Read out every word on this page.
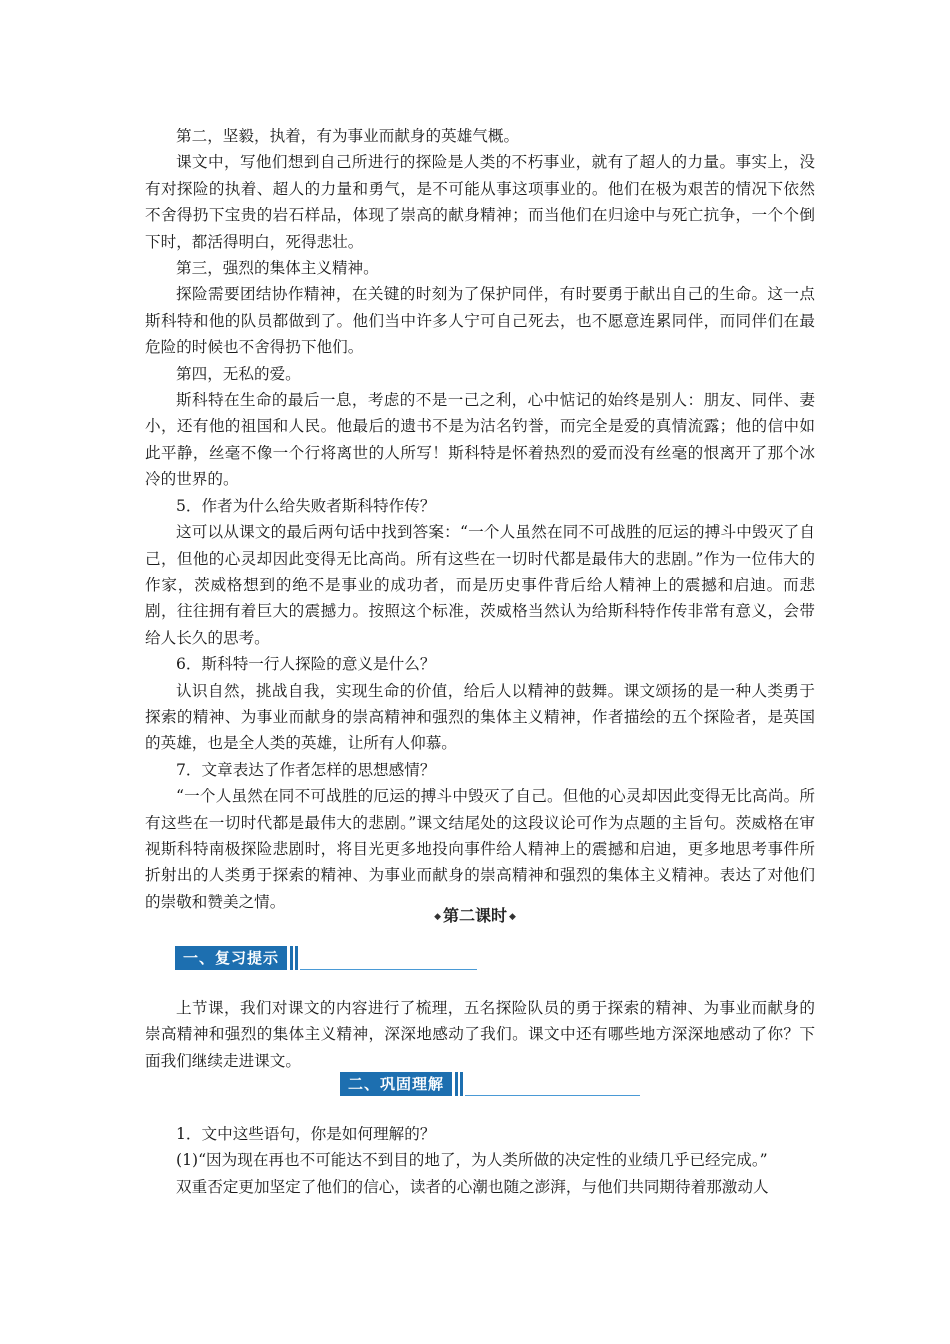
第二，坚毅，执着，有为事业而献身的英雄气概。

课文中，写他们想到自己所进行的探险是人类的不朽事业，就有了超人的力量。事实上，没有对探险的执着、超人的力量和勇气，是不可能从事这项事业的。他们在极为艰苦的情况下依然不舍得扔下宝贵的岩石样品，体现了崇高的献身精神；而当他们在归途中与死亡抗争，一个个倒下时，都活得明白，死得悲壮。

第三，强烈的集体主义精神。

探险需要团结协作精神，在关键的时刻为了保护同伴，有时要勇于献出自己的生命。这一点斯科特和他的队员都做到了。他们当中许多人宁可自己死去，也不愿意连累同伴，而同伴们在最危险的时候也不舍得扔下他们。

第四，无私的爱。

斯科特在生命的最后一息，考虑的不是一己之利，心中惦记的始终是别人：朋友、同伴、妻小，还有他的祖国和人民。他最后的遗书不是为沽名钓誉，而完全是爱的真情流露；他的信中如此平静，丝毫不像一个行将离世的人所写！斯科特是怀着热烈的爱而没有丝毫的恨离开了那个冰冷的世界的。

5．作者为什么给失败者斯科特作传？

这可以从课文的最后两句话中找到答案：“一个人虽然在同不可战胜的厄运的搏斗中毁灭了自己，但他的心灵却因此变得无比高尚。所有这些在一切时代都是最伟大的悲剧。”作为一位伟大的作家，茨威格想到的绝不是事业的成功者，而是历史事件背后给人精神上的震撼和启迪。而悲剧，往往拥有着巨大的震撼力。按照这个标准，茨威格当然认为给斯科特作传非常有意义，会带给人长久的思考。

6．斯科特一行人探险的意义是什么？

认识自然，挑战自我，实现生命的价值，给后人以精神的鼓舞。课文颂扬的是一种人类勇于探索的精神、为事业而献身的崇高精神和强烈的集体主义精神，作者描绘的五个探险者，是英国的英雄，也是全人类的英雄，让所有人仰慕。

7．文章表达了作者怎样的思想感情？

“一个人虽然在同不可战胜的厄运的搏斗中毁灭了自己。但他的心灵却因此变得无比高尚。所有这些在一切时代都是最伟大的悲剧。”课文结尾处的这段议论可作为点题的主旨句。茨威格在审视斯科特南极探险悲剧时，将目光更多地投向事件给人精神上的震撼和启迪，更多地思考事件所折射出的人类勇于探索的精神、为事业而献身的崇高精神和强烈的集体主义精神。表达了对他们的崇敬和赞美之情。

◆ 第二课时 ◆
一、复习提示

上节课，我们对课文的内容进行了梳理，五名探险队员的勇于探索的精神、为事业而献身的崇高精神和强烈的集体主义精神，深深地感动了我们。课文中还有哪些地方深深地感动了你？下面我们继续走进课文。

二、巩固理解

1．文中这些语句，你是如何理解的？

(1)“因为现在再也不可能达不到目的地了，为人类所做的决定性的业绩几乎已经完成。”

双重否定更加坚定了他们的信心，读者的心潮也随之澎湃，与他们共同期待着那激动人
